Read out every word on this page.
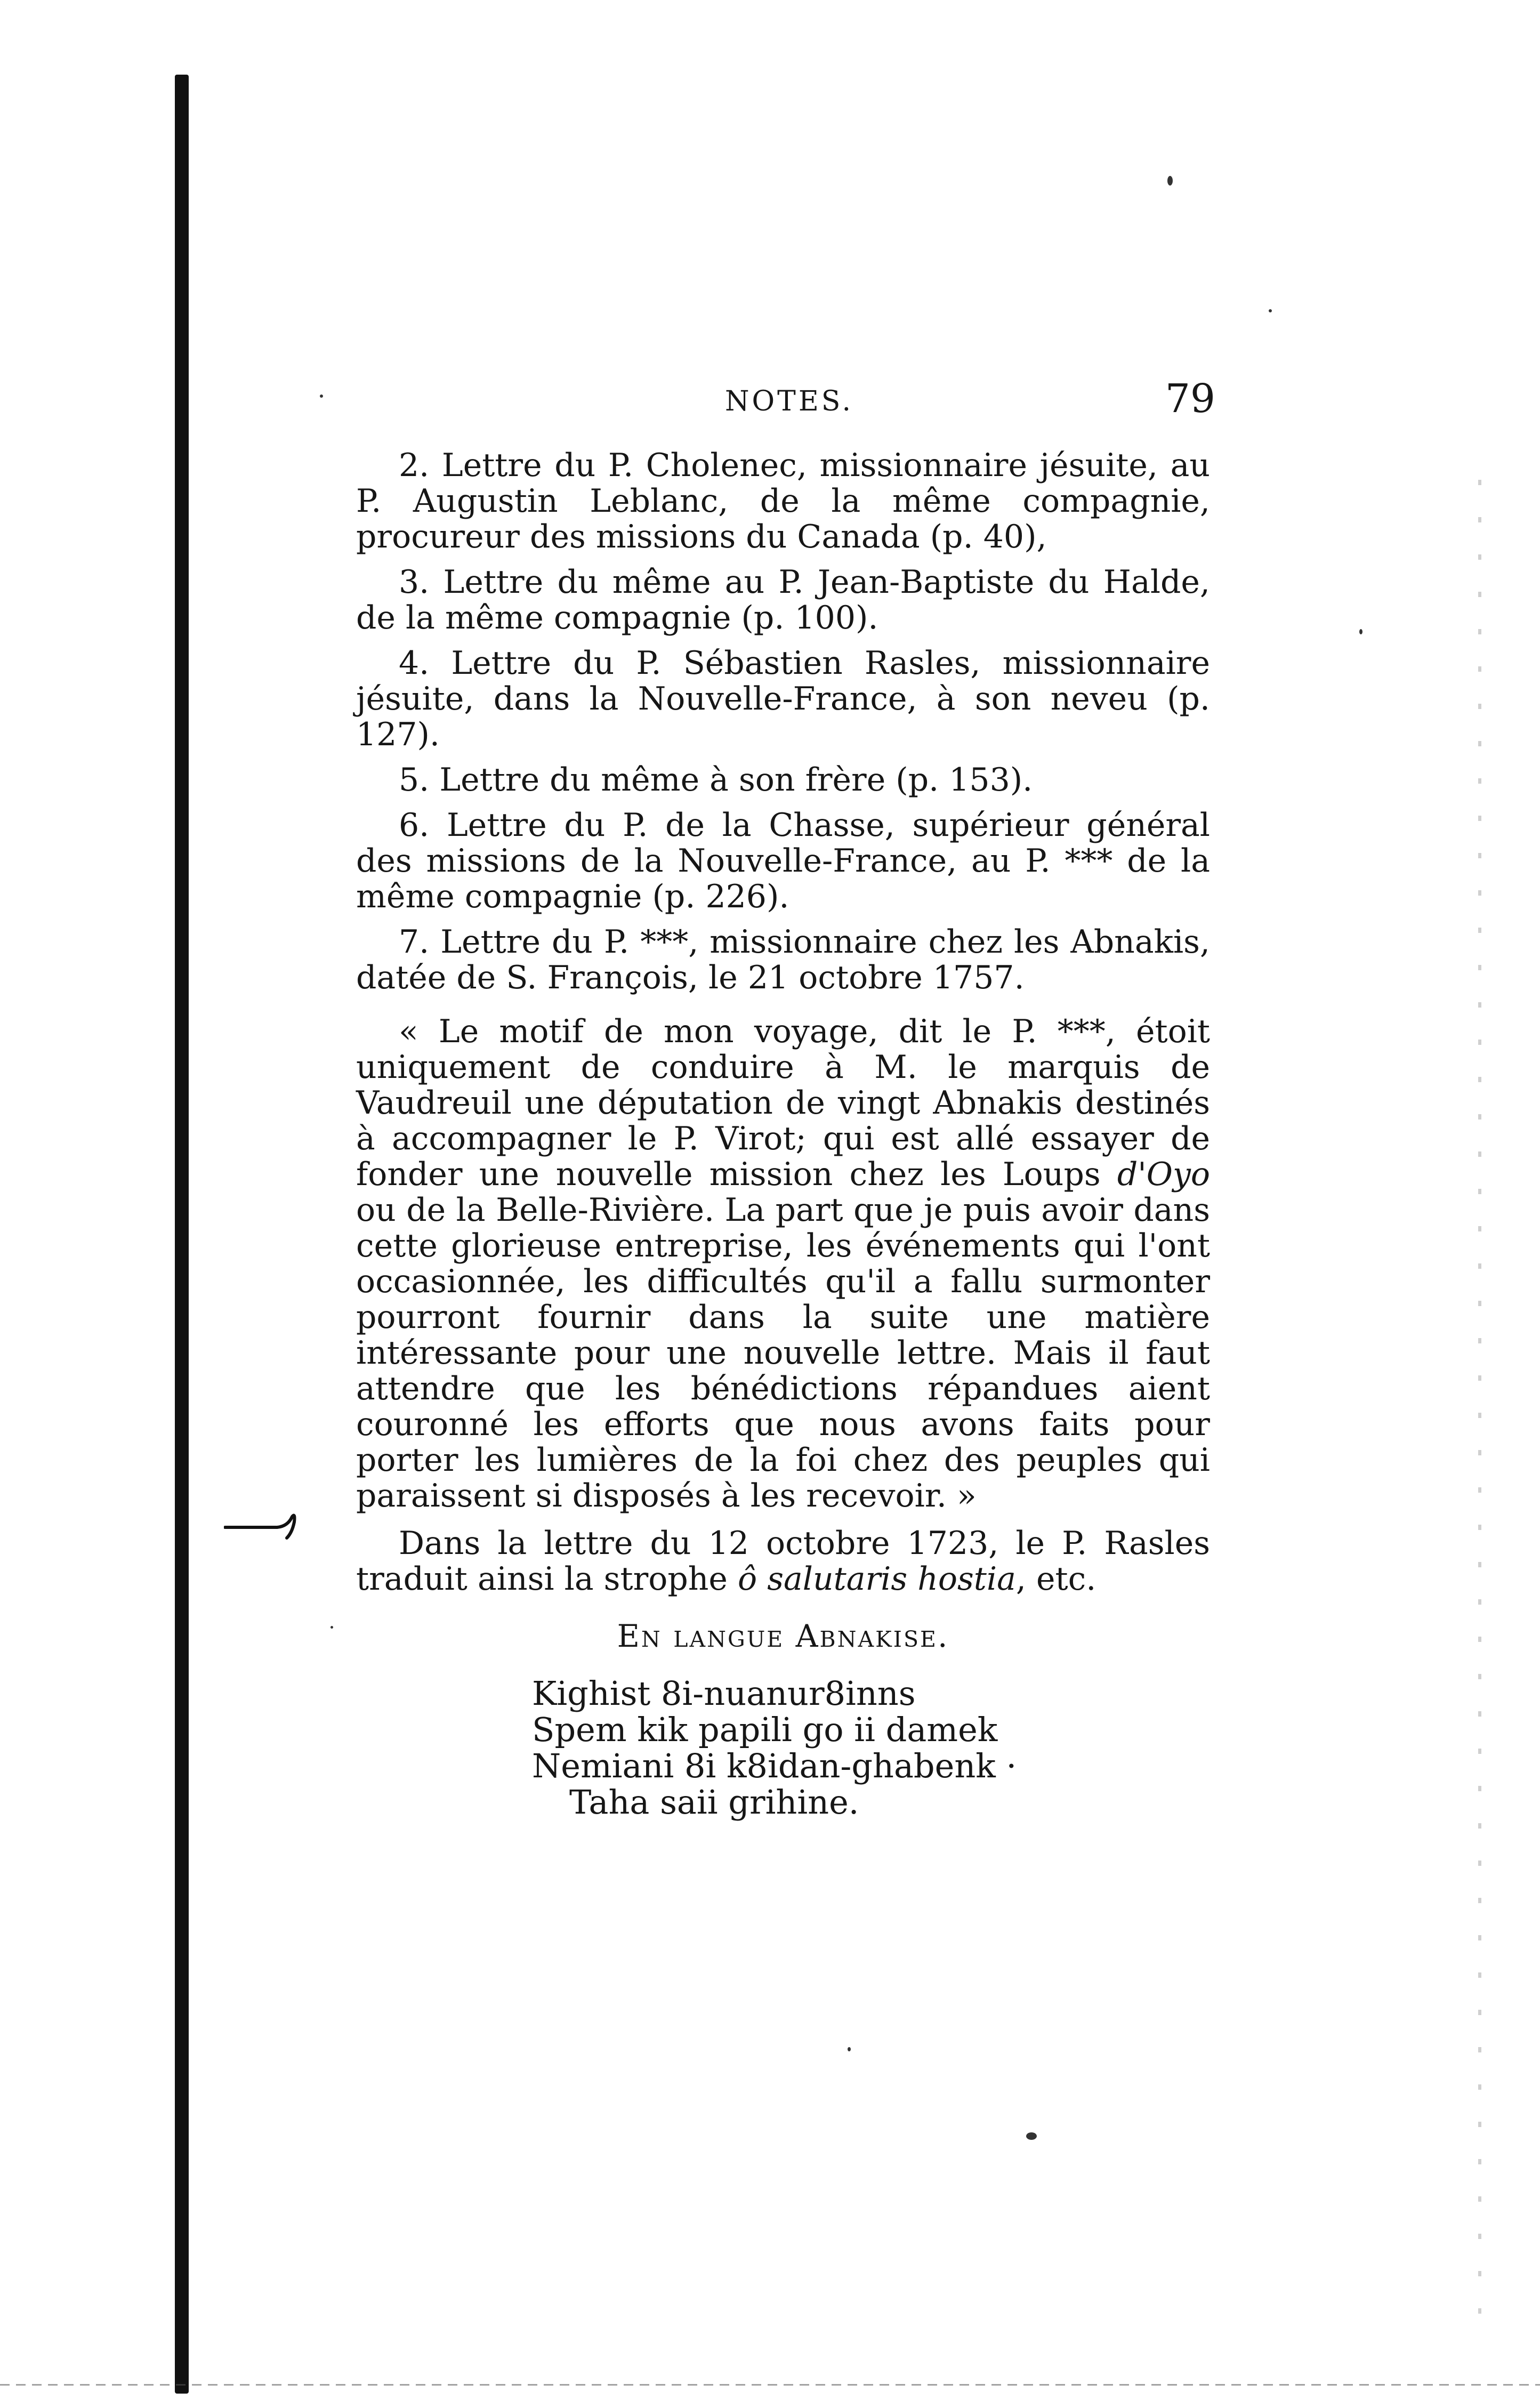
NOTES.	79

2. Lettre du P. Cholenec, missionnaire jésuite, au P. Augustin Leblanc, de la même compagnie, procureur des missions du Canada (p. 40),

3. Lettre du même au P. Jean-Baptiste du Halde, de la même compagnie (p. 100).

4. Lettre du P. Sébastien Rasles, missionnaire jésuite, dans la Nouvelle-France, à son neveu (p. 127).

5. Lettre du même à son frère (p. 153).

6. Lettre du P. de la Chasse, supérieur général des missions de la Nouvelle-France, au P. *** de la même compagnie (p. 226).

7. Lettre du P. ***, missionnaire chez les Abnakis, datée de S. François, le 21 octobre 1757.

« Le motif de mon voyage, dit le P. ***, étoit uniquement de conduire à M. le marquis de Vaudreuil une députation de vingt Abnakis destinés à accompagner le P. Virot; qui est allé essayer de fonder une nouvelle mission chez les Loups d'Oyo ou de la Belle-Rivière. La part que je puis avoir dans cette glorieuse entreprise, les événements qui l'ont occasionnée, les difficultés qu'il a fallu surmonter pourront fournir dans la suite une matière intéressante pour une nouvelle lettre. Mais il faut attendre que les bénédictions répandues aient couronné les efforts que nous avons faits pour porter les lumières de la foi chez des peuples qui paraissent si disposés à les recevoir. »

Dans la lettre du 12 octobre 1723, le P. Rasles traduit ainsi la strophe ô salutaris hostia, etc.

En langue Abnakise.
Kighist 8i-nuanur8inns
Spem kik papili go ii damek
Nemiani 8i k8idan-ghabenk ·
Taha saii grihine.
